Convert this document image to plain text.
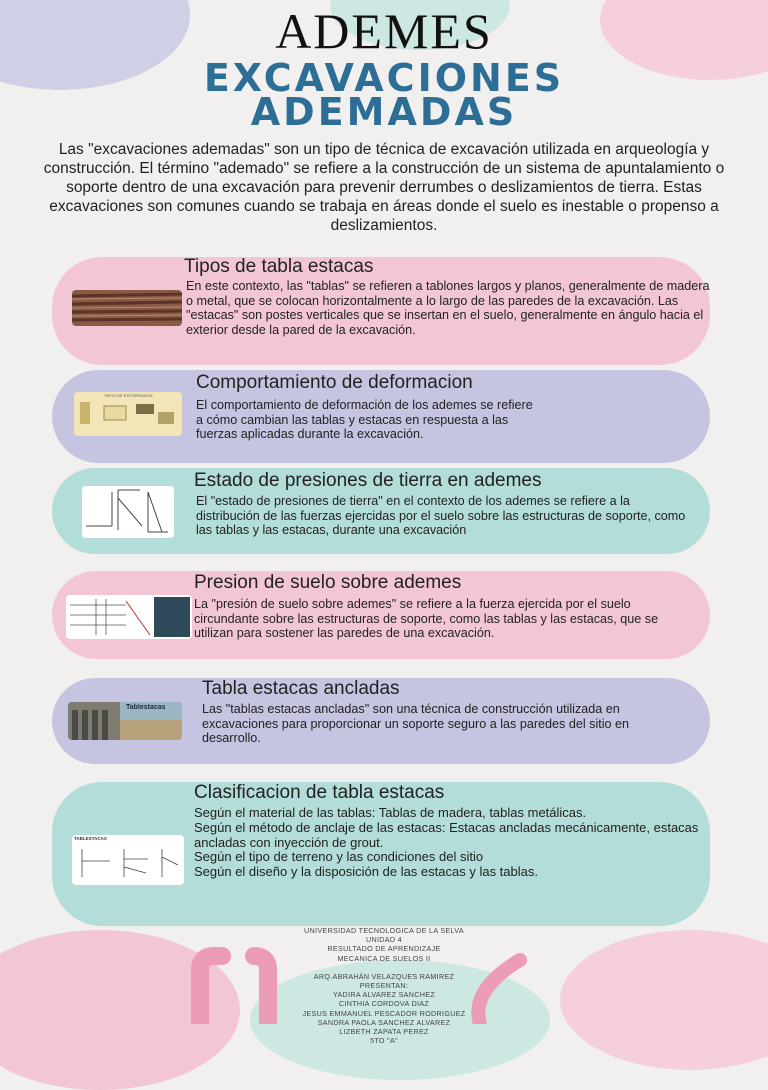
ADEMES
EXCAVACIONES
ADEMADAS
Las "excavaciones ademadas" son un tipo de técnica de excavación utilizada en arqueología y construcción. El término "ademado" se refiere a la construcción de un sistema de apuntalamiento o soporte dentro de una excavación para prevenir derrumbes o deslizamientos de tierra. Estas excavaciones son comunes cuando se trabaja en áreas donde el suelo es inestable o propenso a deslizamientos.
Tipos de tabla estacas
En este contexto, las "tablas" se refieren a tablones largos y planos, generalmente de madera o metal, que se colocan horizontalmente a lo largo de las paredes de la excavación. Las "estacas" son postes verticales que se insertan en el suelo, generalmente en ángulo hacia el exterior desde la pared de la excavación.
TIPOS DE ESTOPIRADOS
Comportamiento de deformacion
El comportamiento de deformación de los ademes se refiere a cómo cambian las tablas y estacas en respuesta a las fuerzas aplicadas durante la excavación.
Estado de presiones de tierra en ademes
El "estado de presiones de tierra" en el contexto de los ademes se refiere a la distribución de las fuerzas ejercidas por el suelo sobre las estructuras de soporte, como las tablas y las estacas, durante una excavación
Presion de suelo sobre ademes
La "presión de suelo sobre ademes" se refiere a la fuerza ejercida por el suelo circundante sobre las estructuras de soporte, como las tablas y las estacas, que se utilizan para sostener las paredes de una excavación.
Tablestacas
Tabla estacas ancladas
Las "tablas estacas ancladas" son una técnica de construcción utilizada en excavaciones para proporcionar un soporte seguro a las paredes del sitio en desarrollo.
TABLESTACAS
Clasificacion de tabla estacas
Según el material de las tablas: Tablas de madera, tablas metálicas.
Según el método de anclaje de las estacas: Estacas ancladas mecánicamente, estacas ancladas con inyección de grout.
Según el tipo de terreno y las condiciones del sitio
Según el diseño y la disposición de las estacas y las tablas.
UNIVERSIDAD TECNOLOGICA DE LA SELVA
UNIDAD 4
RESULTADO DE APRENDIZAJE
MECANICA DE SUELOS II
ARQ.ABRAHÁN VELAZQUES RAMIREZ
PRESENTAN:
YADIRA ALVAREZ SANCHEZ
CINTHIA CORDOVA DIAZ
JESUS EMMANUEL PESCADOR RODRIGUEZ
SANDRA PAOLA SANCHEZ ALVAREZ
LIZBETH ZAPATA PEREZ
5TO "A"
